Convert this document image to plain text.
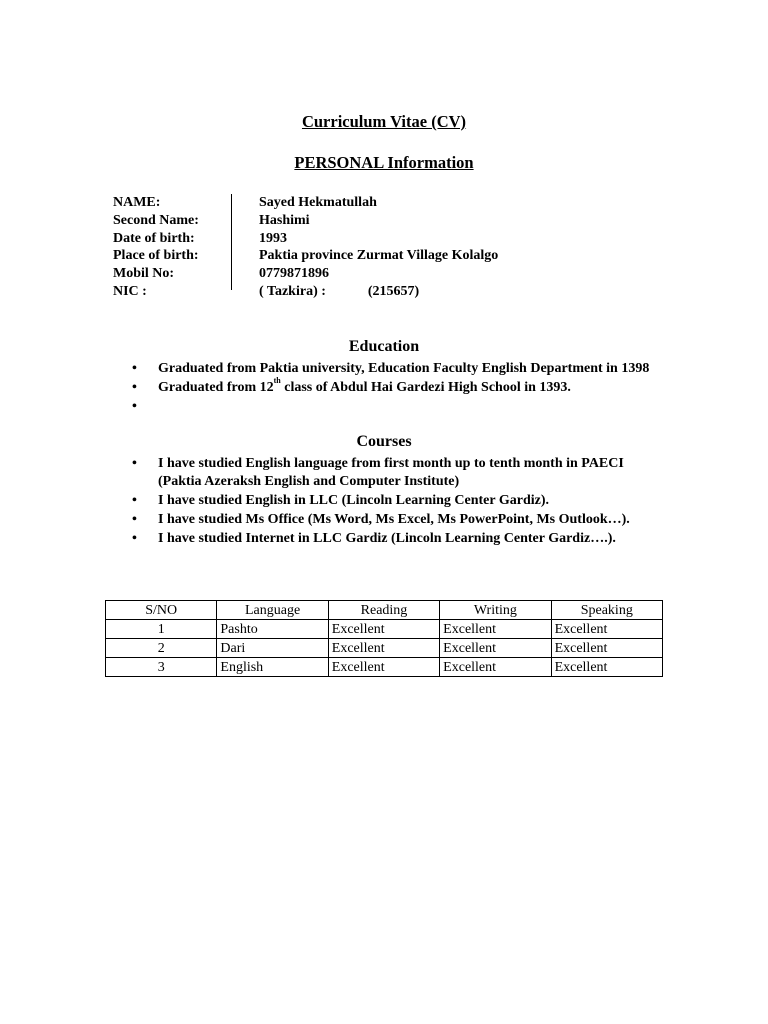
Curriculum Vitae (CV)
PERSONAL Information
NAME:	Sayed Hekmatullah
Second Name:	Hashimi
Date of birth:	1993
Place of birth:	Paktia province Zurmat Village Kolalgo
Mobil No:	0779871896
NIC :	( Tazkira) :	(215657)
Education
• Graduated from Paktia university, Education Faculty English Department in 1398
• Graduated from 12th class of Abdul Hai Gardezi High School in 1393.
•
Courses
• I have studied English language from first month up to tenth month in PAECI (Paktia Azeraksh English and Computer Institute)
• I have studied English in LLC (Lincoln Learning Center Gardiz).
• I have studied Ms Office (Ms Word, Ms Excel, Ms PowerPoint, Ms Outlook…).
• I have studied Internet in LLC Gardiz (Lincoln Learning Center Gardiz….).
S/NO	Language	Reading	Writing	Speaking
1	Pashto	Excellent	Excellent	Excellent
2	Dari	Excellent	Excellent	Excellent
3	English	Excellent	Excellent	Excellent
